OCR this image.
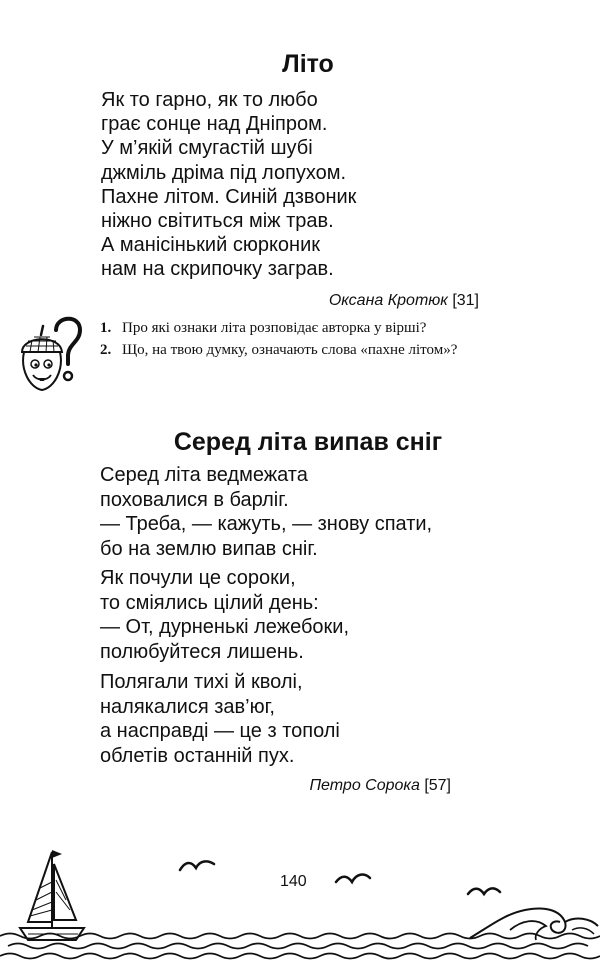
Літо
Як то гарно, як то любо
грає сонце над Дніпром.
У м’якій смугастій шубі
джміль дріма під лопухом.
Пахне літом. Синій дзвоник
ніжно світиться між трав.
А манісінький сюрконик
нам на скрипочку заграв.
Оксана Кротюк [31]
1. Про які ознаки літа розповідає авторка у вірші?
2. Що, на твою думку, означають слова «пахне літом»?
Серед літа випав сніг
Серед літа ведмежата
поховалися в барліг.
— Треба, — кажуть, — знову спати,
бо на землю випав сніг.
Як почули це сороки,
то сміялись цілий день:
— От, дурненькі лежебоки,
полюбуйтеся лишень.
Полягали тихі й кволі,
налякалися зав’юг,
а насправді — це з тополі
облетів останній пух.
Петро Сорока [57]
140
